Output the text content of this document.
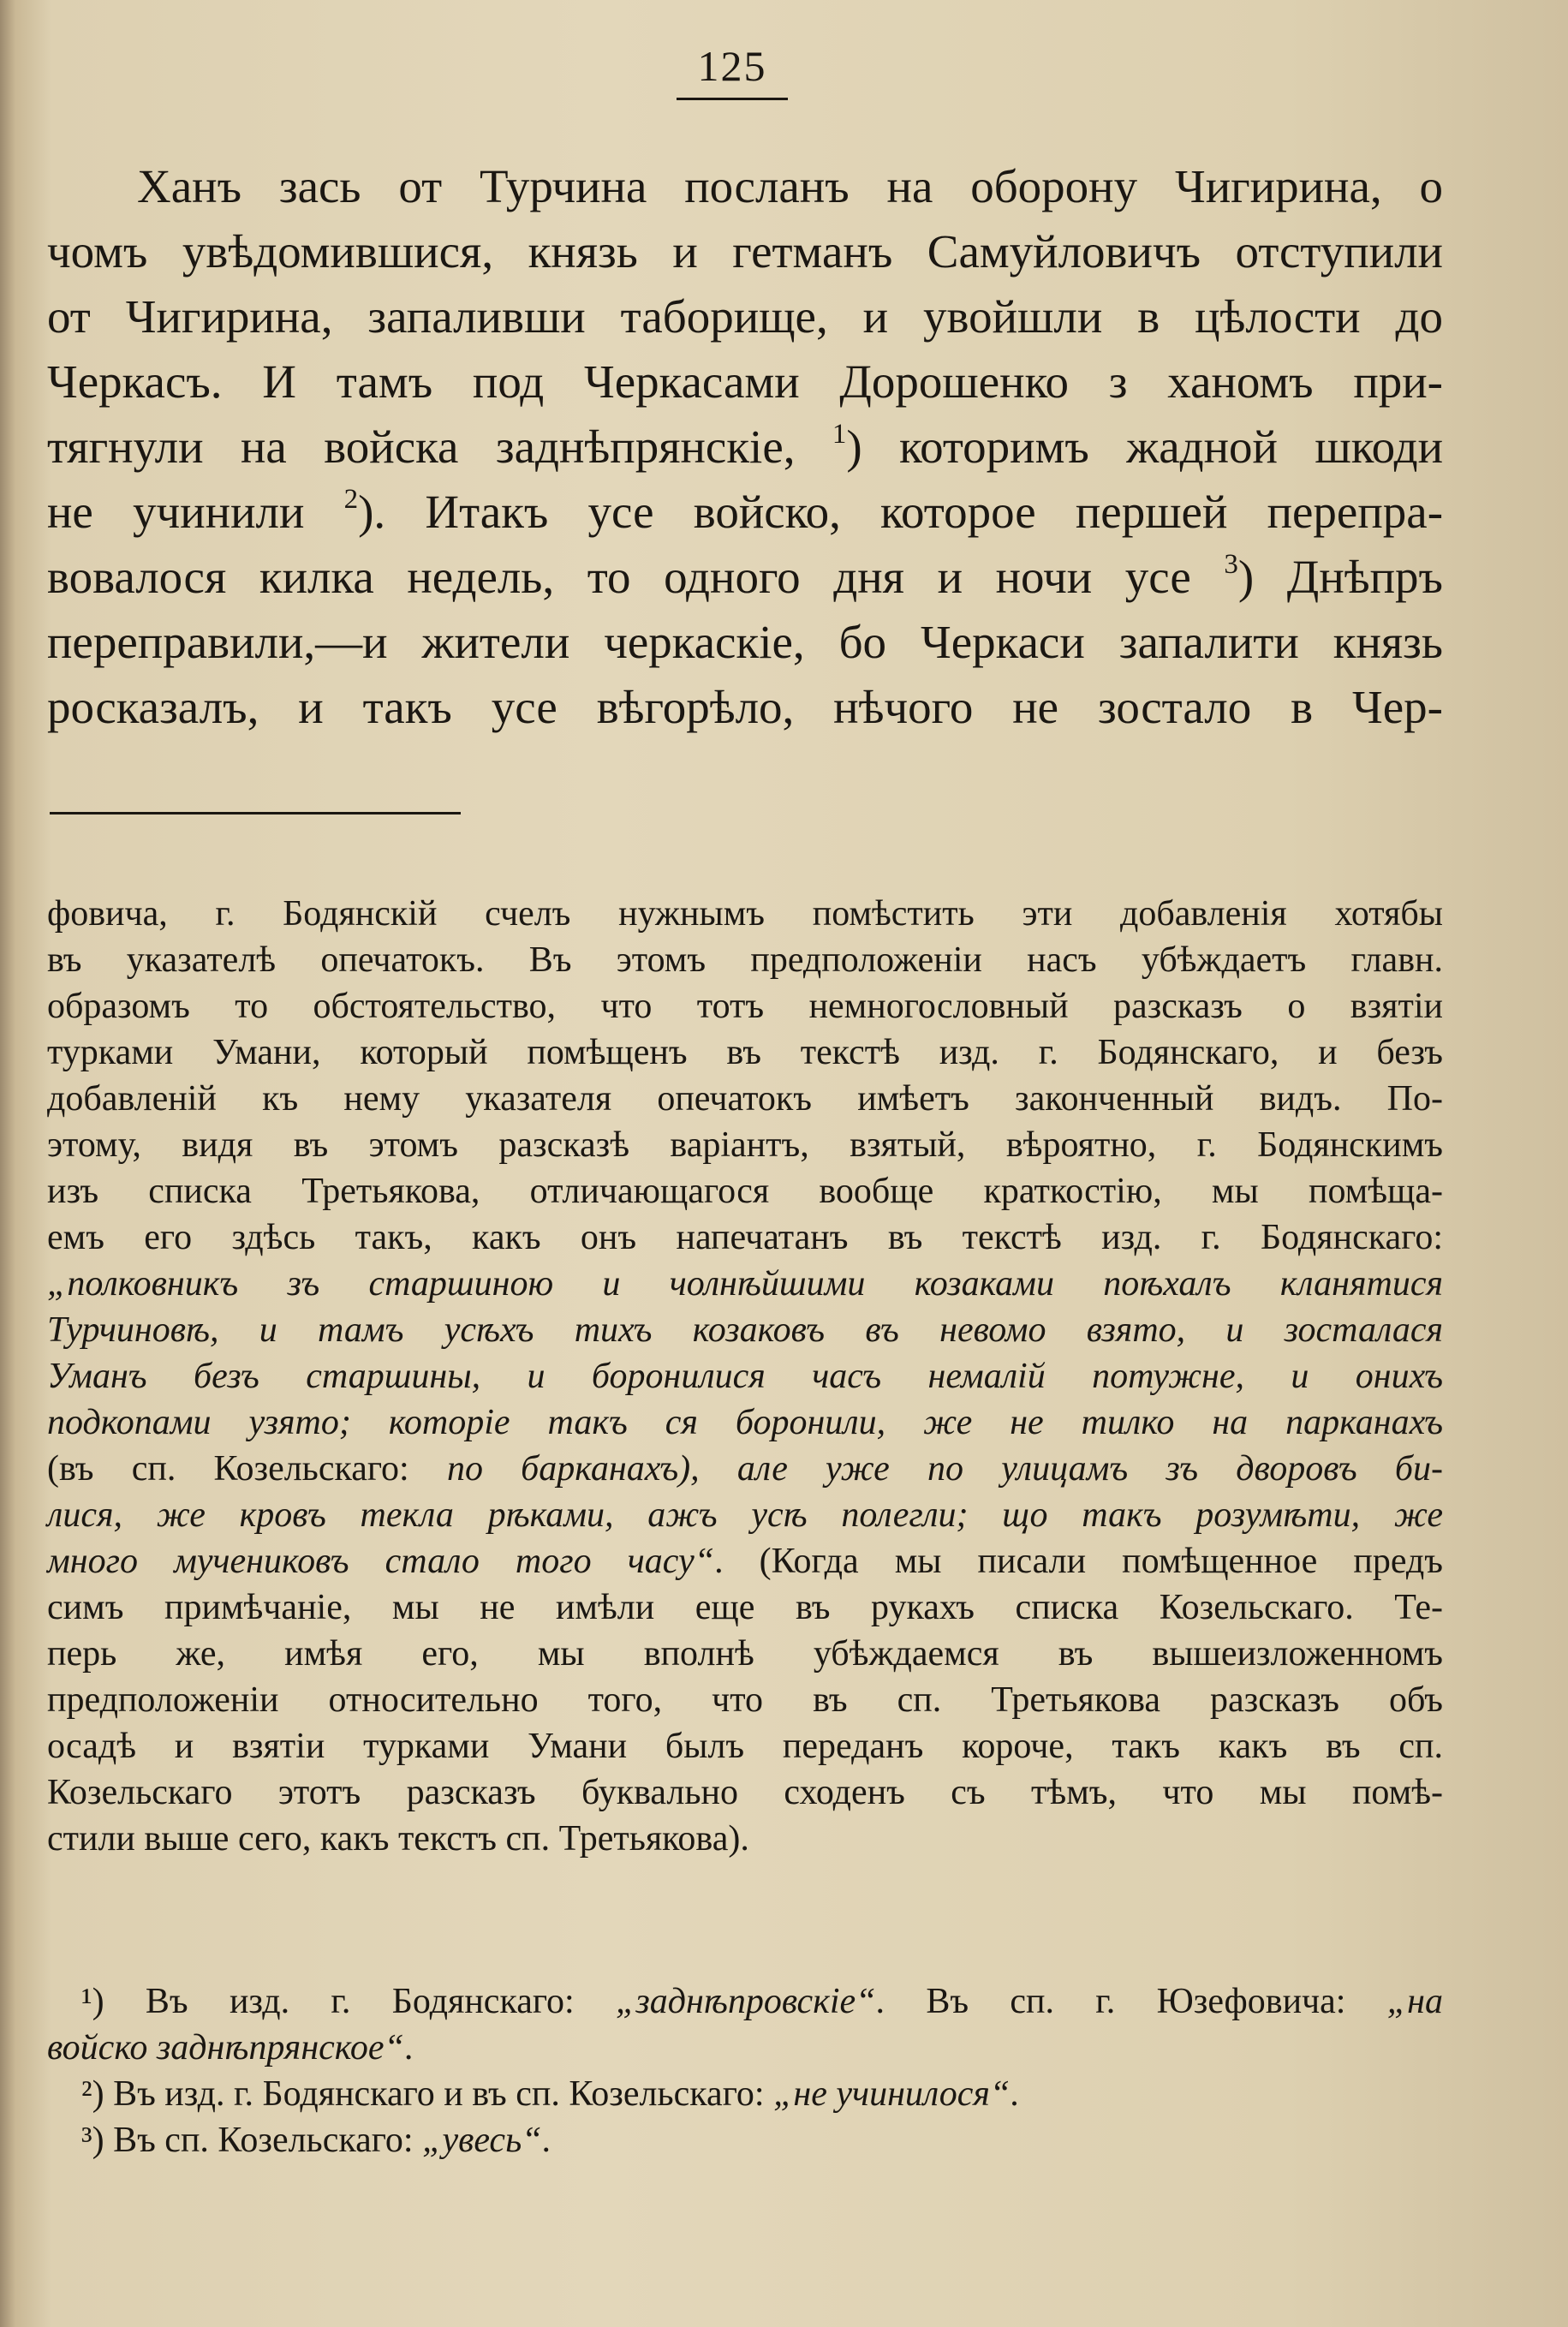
125
Ханъ зась от Турчина посланъ на оборону Чигирина, о
чомъ увѣдомившися, князь и гетманъ Самуйловичъ отступили
от Чигирина, запаливши таборище, и увойшли в цѣлости до
Черкасъ. И тамъ под Черкасами Дорошенко з ханомъ при-
тягнули на войска заднѣпрянскіе, $^1$) которимъ жадной шкоди
не учинили $^2$). Итакъ усе войско, которое першей перепра-
вовалося килка недель, то одного дня и ночи усе $^3$) Днѣпръ
переправили,—и жители черкаскіе, бо Черкаси запалити князь
росказалъ, и такъ усе вѣгорѣло, нѣчого не зостало в Чер-
фовича, г. Бодянскій счелъ нужнымъ помѣстить эти добавленія хотябы
въ указателѣ опечатокъ. Въ этомъ предположеніи насъ убѣждаетъ главн.
образомъ то обстоятельство, что тотъ немногословный разсказъ о взятіи
турками Умани, который помѣщенъ въ текстѣ изд. г. Бодянскаго, и безъ
добавленій къ нему указателя опечатокъ имѣетъ законченный видъ. По-
этому, видя въ этомъ разсказѣ варіантъ, взятый, вѣроятно, г. Бодянскимъ
изъ списка Третьякова, отличающагося вообще краткостію, мы помѣща-
емъ его здѣсь такъ, какъ онъ напечатанъ въ текстѣ изд. г. Бодянскаго:
„полковникъ зъ старшиною и чолнѣйшими козаками поѣхалъ кланятися
Турчиновѣ, и тамъ усѣхъ тихъ козаковъ въ невомо взято, и зосталася
Уманъ безъ старшины, и боронилися часъ немалій потужне, и онихъ
подкопами узято; которіе такъ ся боронили, же не тилко на парканахъ
(въ сп. Козельскаго: по барканахъ), але уже по улицамъ зъ дворовъ би-
лися, же кровъ текла рѣками, ажъ усѣ полегли; що такъ розумѣти, же
много мучениковъ стало того часу“. (Когда мы писали помѣщенное предъ
симъ примѣчаніе, мы не имѣли еще въ рукахъ списка Козельскаго. Те-
перь же, имѣя его, мы вполнѣ убѣждаемся въ вышеизложенномъ
предположеніи относительно того, что въ сп. Третьякова разсказъ объ
осадѣ и взятіи турками Умани былъ переданъ короче, такъ какъ въ сп.
Козельскаго этотъ разсказъ буквально сходенъ съ тѣмъ, что мы помѣ-
стили выше сего, какъ текстъ сп. Третьякова).
¹) Въ изд. г. Бодянскаго: „заднѣпровскіе“. Въ сп. г. Юзефовича: „на
войско заднѣпрянское“.
²) Въ изд. г. Бодянскаго и въ сп. Козельскаго: „не учинилося“.
³) Въ сп. Козельскаго: „увесь“.
